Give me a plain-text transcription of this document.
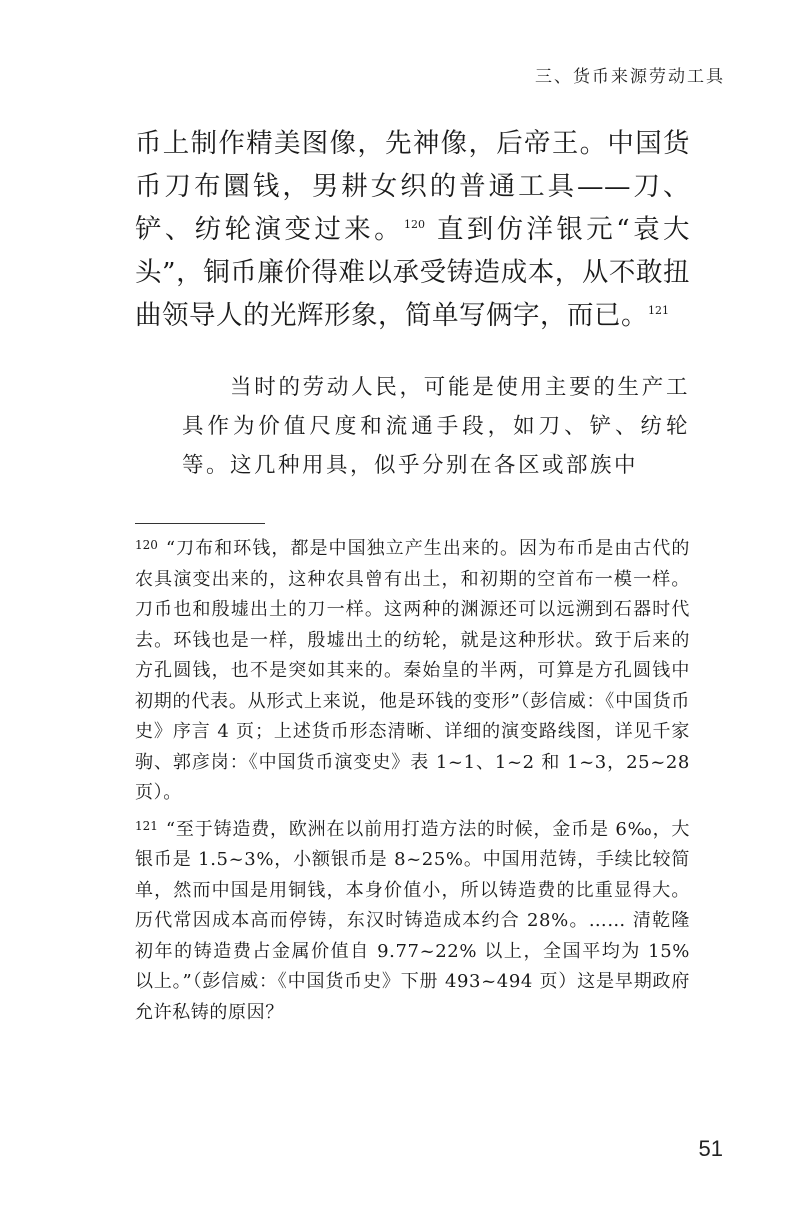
三、货币来源劳动工具

币上制作精美图像，先神像，后帝王。中国货币刀布圜钱，男耕女织的普通工具——刀、铲、纺轮演变过来。$^{120}$ 直到仿洋银元“袁大头”，铜币廉价得难以承受铸造成本，从不敢扭曲领导人的光辉形象，简单写俩字，而已。$^{121}$

当时的劳动人民，可能是使用主要的生产工具作为价值尺度和流通手段，如刀、铲、纺轮等。这几种用具，似乎分别在各区或部族中

$^{120}$ “刀布和环钱，都是中国独立产生出来的。因为布币是由古代的农具演变出来的，这种农具曾有出土，和初期的空首布一模一样。刀币也和殷墟出土的刀一样。这两种的渊源还可以远溯到石器时代去。环钱也是一样，殷墟出土的纺轮，就是这种形状。致于后来的方孔圆钱，也不是突如其来的。秦始皇的半两，可算是方孔圆钱中初期的代表。从形式上来说，他是环钱的变形”（彭信威：《中国货币史》序言 4 页；上述货币形态清晰、详细的演变路线图，详见千家驹、郭彦岗：《中国货币演变史》表 1~1、1~2 和 1~3，25~28 页）。

$^{121}$ “至于铸造费，欧洲在以前用打造方法的时候，金币是 6‰，大银币是 1.5~3%，小额银币是 8~25%。中国用范铸，手续比较简单，然而中国是用铜钱，本身价值小，所以铸造费的比重显得大。历代常因成本高而停铸，东汉时铸造成本约合 28%。…… 清乾隆初年的铸造费占金属价值自 9.77~22% 以上，全国平均为 15% 以上。”（彭信威：《中国货币史》下册 493~494 页）这是早期政府允许私铸的原因？

51
